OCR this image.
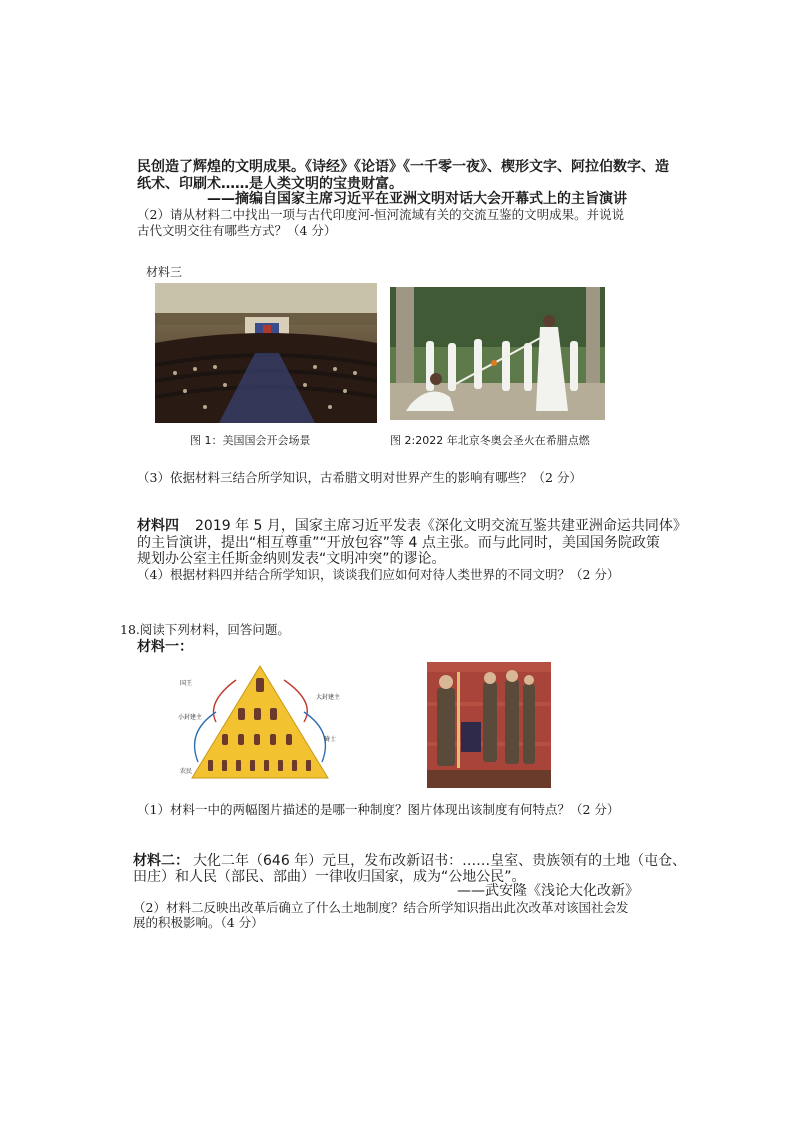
民创造了辉煌的文明成果。《诗经》《论语》《一千零一夜》、楔形文字、阿拉伯数字、造
纸术、印刷术……是人类文明的宝贵财富。
——摘编自国家主席习近平在亚洲文明对话大会开幕式上的主旨演讲
（2）请从材料二中找出一项与古代印度河-恒河流域有关的交流互鉴的文明成果。并说说
古代文明交往有哪些方式？（4 分）
材料三
图 1：美国国会开会场景	图 2:2022 年北京冬奥会圣火在希腊点燃
（3）依据材料三结合所学知识，古希腊文明对世界产生的影响有哪些？（2 分）
材料四 2019 年 5 月，国家主席习近平发表《深化文明交流互鉴共建亚洲命运共同体》
的主旨演讲，提出“相互尊重”“开放包容”等 4 点主张。而与此同时，美国国务院政策
规划办公室主任斯金纳则发表“文明冲突”的谬论。
（4）根据材料四并结合所学知识，谈谈我们应如何对待人类世界的不同文明？（2 分）
18.阅读下列材料，回答问题。
材料一：
国王
大封建主
小封建主
骑士
农民
（1）材料一中的两幅图片描述的是哪一种制度？图片体现出该制度有何特点？（2 分）
材料二： 大化二年（646 年）元旦，发布改新诏书：……皇室、贵族领有的土地（屯仓、
田庄）和人民（部民、部曲）一律收归国家，成为“公地公民”。
——武安隆《浅论大化改新》
（2）材料二反映出改革后确立了什么土地制度？结合所学知识指出此次改革对该国社会发
展的积极影响。（4 分）
